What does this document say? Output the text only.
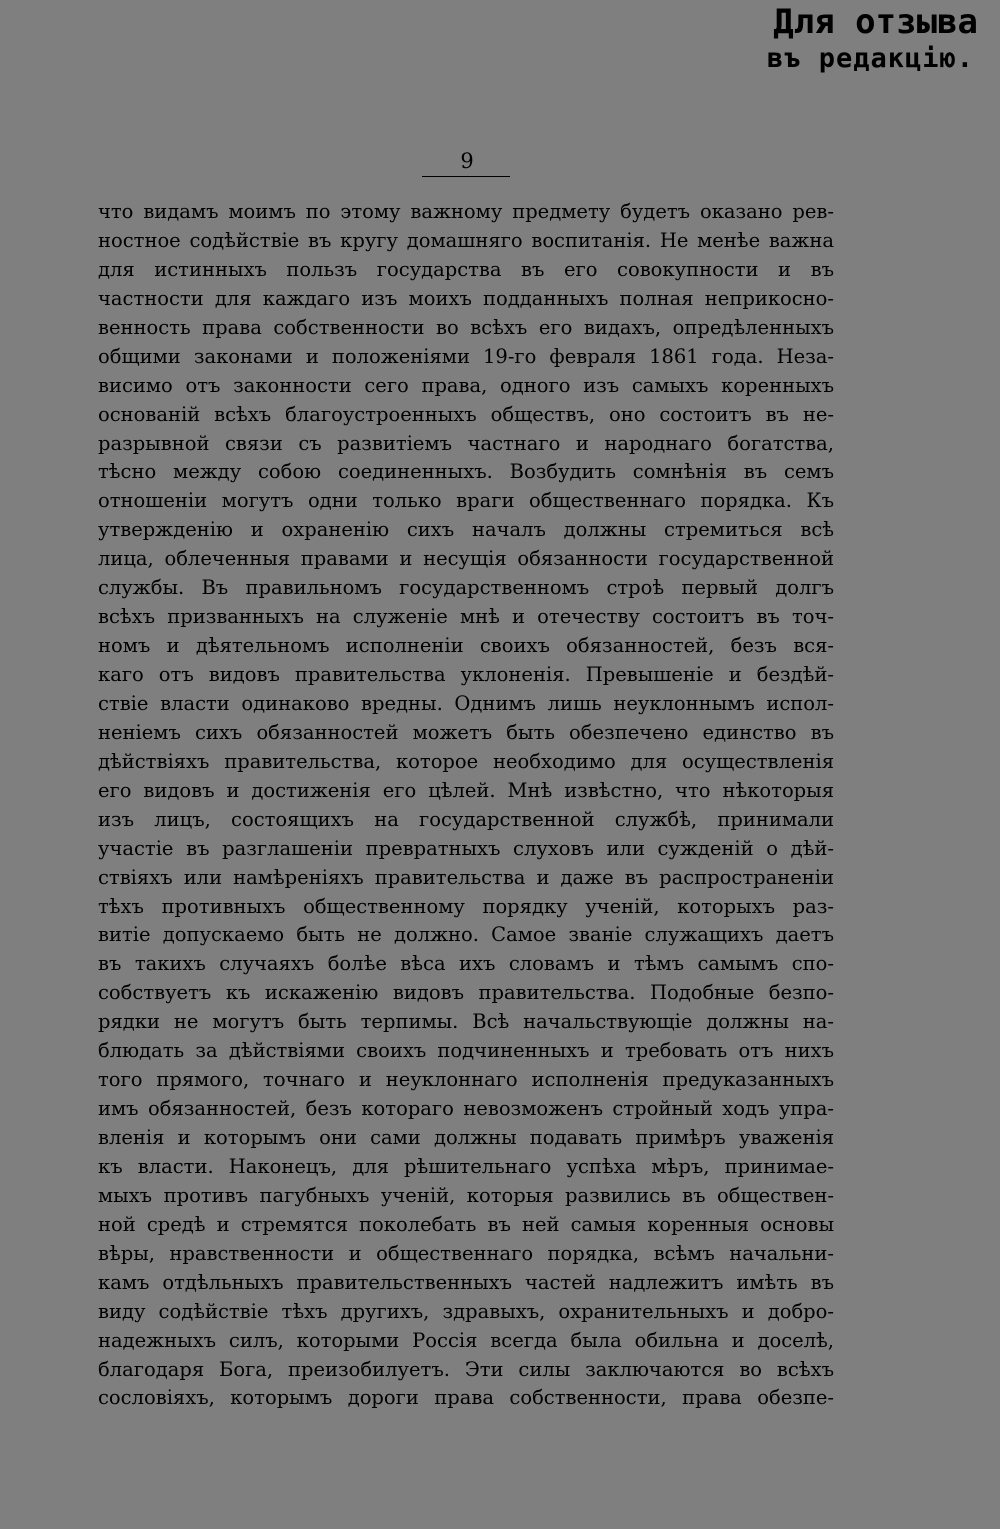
Для отзыва
въ редакцію.
9
что видамъ моимъ по этому важному предмету будетъ оказано рев-
ностное содѣйствіе въ кругу домашняго воспитанія. Не менѣе важна
для истинныхъ пользъ государства въ его совокупности и въ
частности для каждаго изъ моихъ подданныхъ полная неприкосно-
венность права собственности во всѣхъ его видахъ, опредѣленныхъ
общими законами и положеніями 19-го февраля 1861 года. Неза-
висимо отъ законности сего права, одного изъ самыхъ коренныхъ
основаній всѣхъ благоустроенныхъ обществъ, оно состоитъ въ не-
разрывной связи съ развитіемъ частнаго и народнаго богатства,
тѣсно между собою соединенныхъ. Возбудить сомнѣнія въ семъ
отношеніи могутъ одни только враги общественнаго порядка. Къ
утвержденію и охраненію сихъ началъ должны стремиться всѣ
лица, облеченныя правами и несущія обязанности государственной
службы. Въ правильномъ государственномъ строѣ первый долгъ
всѣхъ призванныхъ на служеніе мнѣ и отечеству состоитъ въ точ-
номъ и дѣятельномъ исполненіи своихъ обязанностей, безъ вся-
каго отъ видовъ правительства уклоненія. Превышеніе и бездѣй-
ствіе власти одинаково вредны. Однимъ лишь неуклоннымъ испол-
неніемъ сихъ обязанностей можетъ быть обезпечено единство въ
дѣйствіяхъ правительства, которое необходимо для осуществленія
его видовъ и достиженія его цѣлей. Мнѣ извѣстно, что нѣкоторыя
изъ лицъ, состоящихъ на государственной службѣ, принимали
участіе въ разглашеніи превратныхъ слуховъ или сужденій о дѣй-
ствіяхъ или намѣреніяхъ правительства и даже въ распространеніи
тѣхъ противныхъ общественному порядку ученій, которыхъ раз-
витіе допускаемо быть не должно. Самое званіе служащихъ даетъ
въ такихъ случаяхъ болѣе вѣса ихъ словамъ и тѣмъ самымъ спо-
собствуетъ къ искаженію видовъ правительства. Подобные безпо-
рядки не могутъ быть терпимы. Всѣ начальствующіе должны на-
блюдать за дѣйствіями своихъ подчиненныхъ и требовать отъ нихъ
того прямого, точнаго и неуклоннаго исполненія предуказанныхъ
имъ обязанностей, безъ котораго невозможенъ стройный ходъ упра-
вленія и которымъ они сами должны подавать примѣръ уваженія
къ власти. Наконецъ, для рѣшительнаго успѣха мѣръ, принимае-
мыхъ противъ пагубныхъ ученій, которыя развились въ обществен-
ной средѣ и стремятся поколебать въ ней самыя коренныя основы
вѣры, нравственности и общественнаго порядка, всѣмъ начальни-
камъ отдѣльныхъ правительственныхъ частей надлежитъ имѣть въ
виду содѣйствіе тѣхъ другихъ, здравыхъ, охранительныхъ и добро-
надежныхъ силъ, которыми Россія всегда была обильна и доселѣ,
благодаря Бога, преизобилуетъ. Эти силы заключаются во всѣхъ
сословіяхъ, которымъ дороги права собственности, права обезпе-
